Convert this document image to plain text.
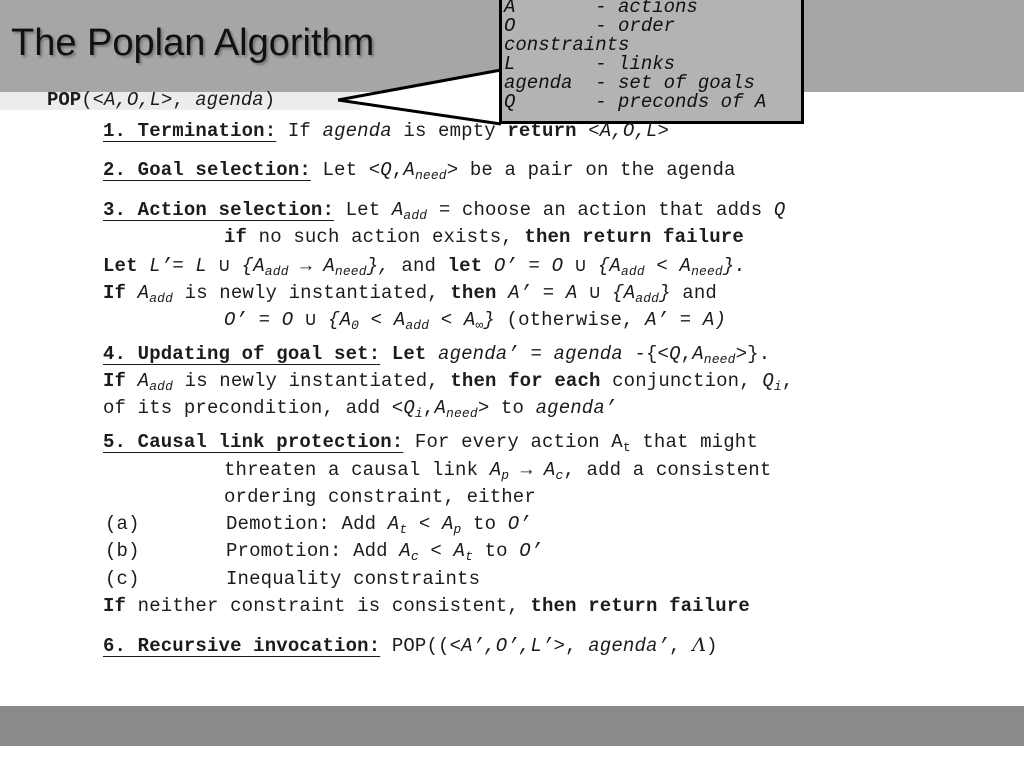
The Poplan Algorithm
A       - actions
O       - order
constraints
L       - links
agenda  - set of goals
Q       - preconds of A
POP(<A,O,L>, agenda)
1. Termination: If agenda is empty return <A,O,L>
2. Goal selection: Let $<Q,A_{need}>$ be a pair on the agenda
3. Action selection: Let $A_{add}$ = choose an action that adds Q
if no such action exists, then return failure
Let L’= L ∪ $\{A_{add} \to A_{need}\}$, and let O’ = O ∪ $\{A_{add} < A_{need}\}$.
If $A_{add}$ is newly instantiated, then A’ = A ∪ $\{A_{add}\}$ and
O’ = O ∪ $\{A_0 < A_{add} < A_\infty\}$ (otherwise, A’ = A)
4. Updating of goal set: Let agenda’ = agenda $-\{<Q,A_{need}>\}$.
If $A_{add}$ is newly instantiated, then for each conjunction, $Q_i$,
of its precondition, add $<Q_i,A_{need}>$ to agenda’
5. Causal link protection: For every action $A_t$ that might
threaten a causal link $A_p \to A_c$, add a consistent
ordering constraint, either
(a)	Demotion: Add $A_t < A_p$ to O’
(b)	Promotion: Add $A_c < A_t$ to O’
(c)	Inequality constraints
If neither constraint is consistent, then return failure
6. Recursive invocation: POP((<A’,O’,L’>, agenda’, Λ)
